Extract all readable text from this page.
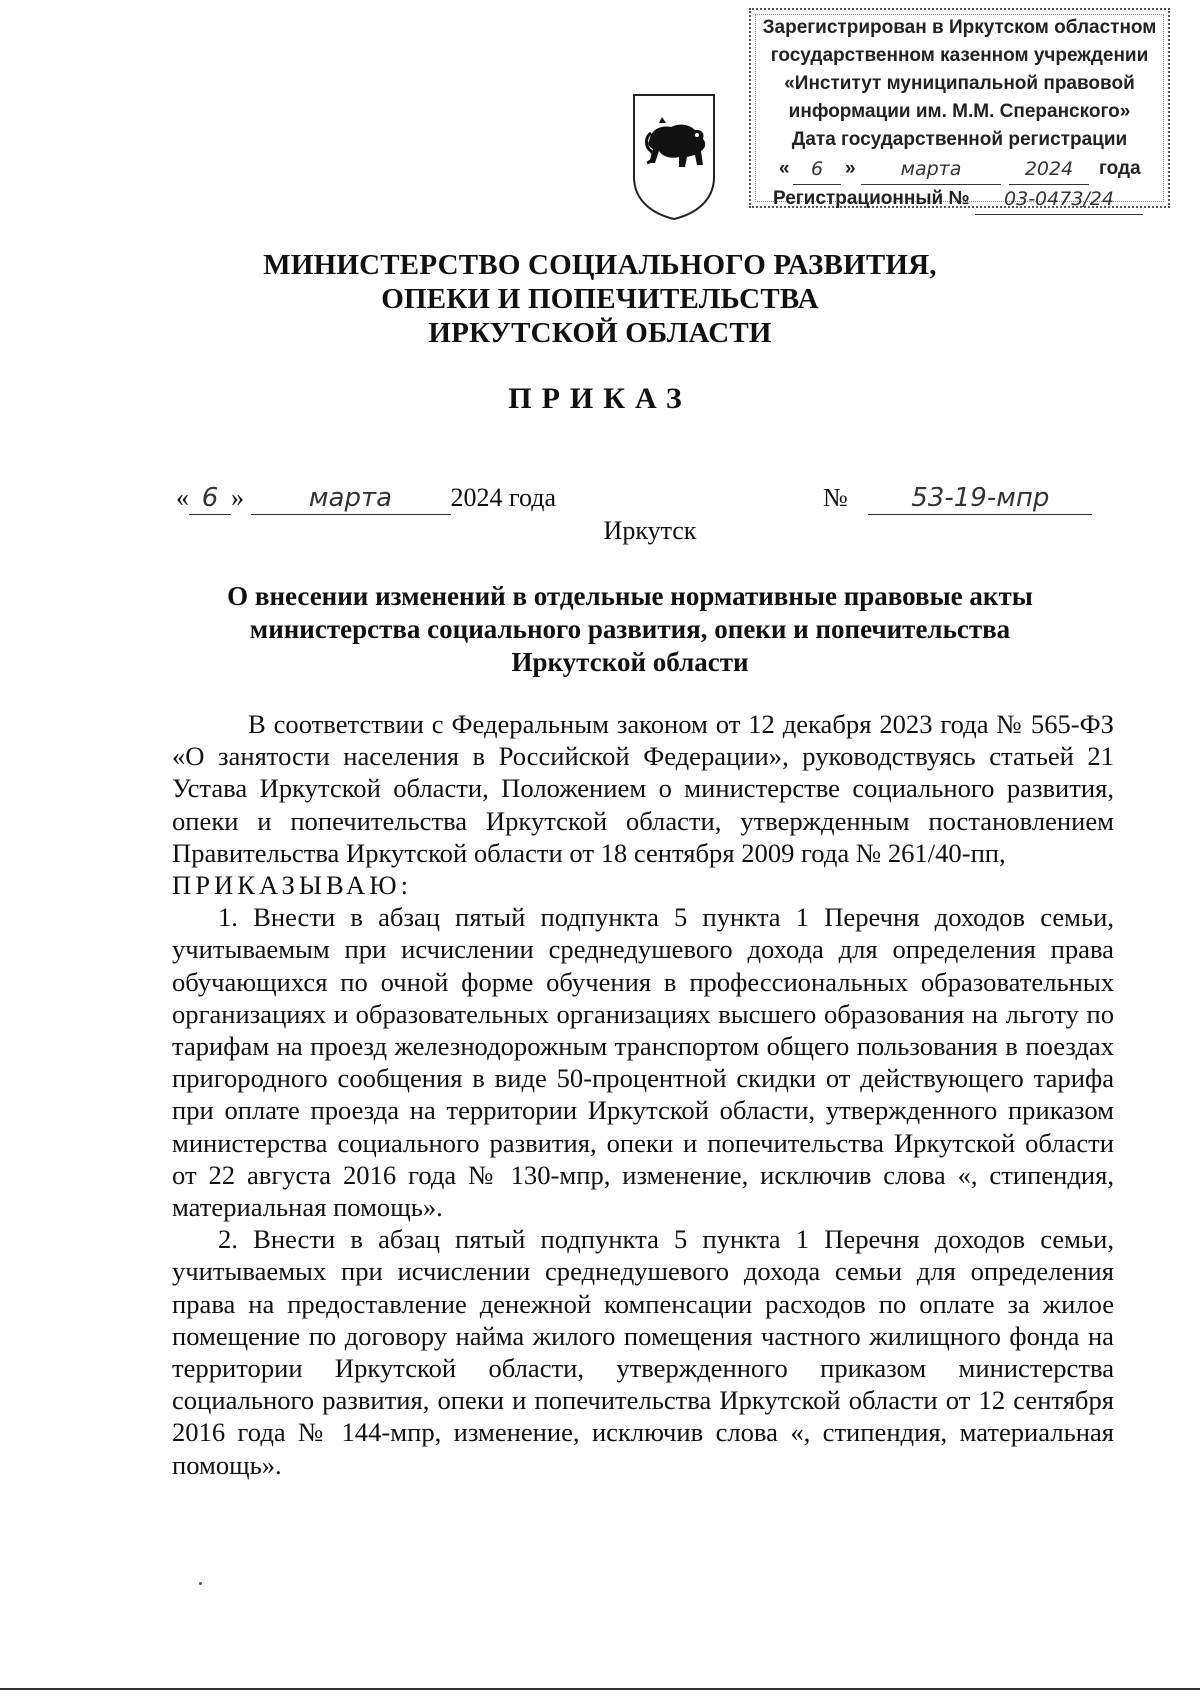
Зарегистрирован в Иркутском областном
государственном казенном учреждении
«Институт муниципальной правовой
информации им. М.М. Сперанского»
Дата государственной регистрации
«	6	»	марта	2024	года
Регистрационный №	03-0473/24
МИНИСТЕРСТВО СОЦИАЛЬНОГО РАЗВИТИЯ,
ОПЕКИ И ПОПЕЧИТЕЛЬСТВА
ИРКУТСКОЙ ОБЛАСТИ
ПРИКАЗ
« 6 » марта 2024 года	№ 53-19-мпр
Иркутск
О внесении изменений в отдельные нормативные правовые акты
министерства социального развития, опеки и попечительства
Иркутской области

В соответствии с Федеральным законом от 12 декабря 2023 года № 565-ФЗ «О занятости населения в Российской Федерации», руководствуясь статьей 21 Устава Иркутской области, Положением о министерстве социального развития, опеки и попечительства Иркутской области, утвержденным постановлением Правительства Иркутской области от 18 сентября 2009 года № 261/40-пп,

ПРИКАЗЫВАЮ:

1. Внести в абзац пятый подпункта 5 пункта 1 Перечня доходов семьи, учитываемым при исчислении среднедушевого дохода для определения права обучающихся по очной форме обучения в профессиональных образовательных организациях и образовательных организациях высшего образования на льготу по тарифам на проезд железнодорожным транспортом общего пользования в поездах пригородного сообщения в виде 50-процентной скидки от действующего тарифа при оплате проезда на территории Иркутской области, утвержденного приказом министерства социального развития, опеки и попечительства Иркутской области от 22 августа 2016 года № 130-мпр, изменение, исключив слова «, стипендия, материальная помощь».

2. Внести в абзац пятый подпункта 5 пункта 1 Перечня доходов семьи, учитываемых при исчислении среднедушевого дохода семьи для определения права на предоставление денежной компенсации расходов по оплате за жилое помещение по договору найма жилого помещения частного жилищного фонда на территории Иркутской области, утвержденного приказом министерства социального развития, опеки и попечительства Иркутской области от 12 сентября 2016 года № 144-мпр, изменение, исключив слова «, стипендия, материальная помощь».
